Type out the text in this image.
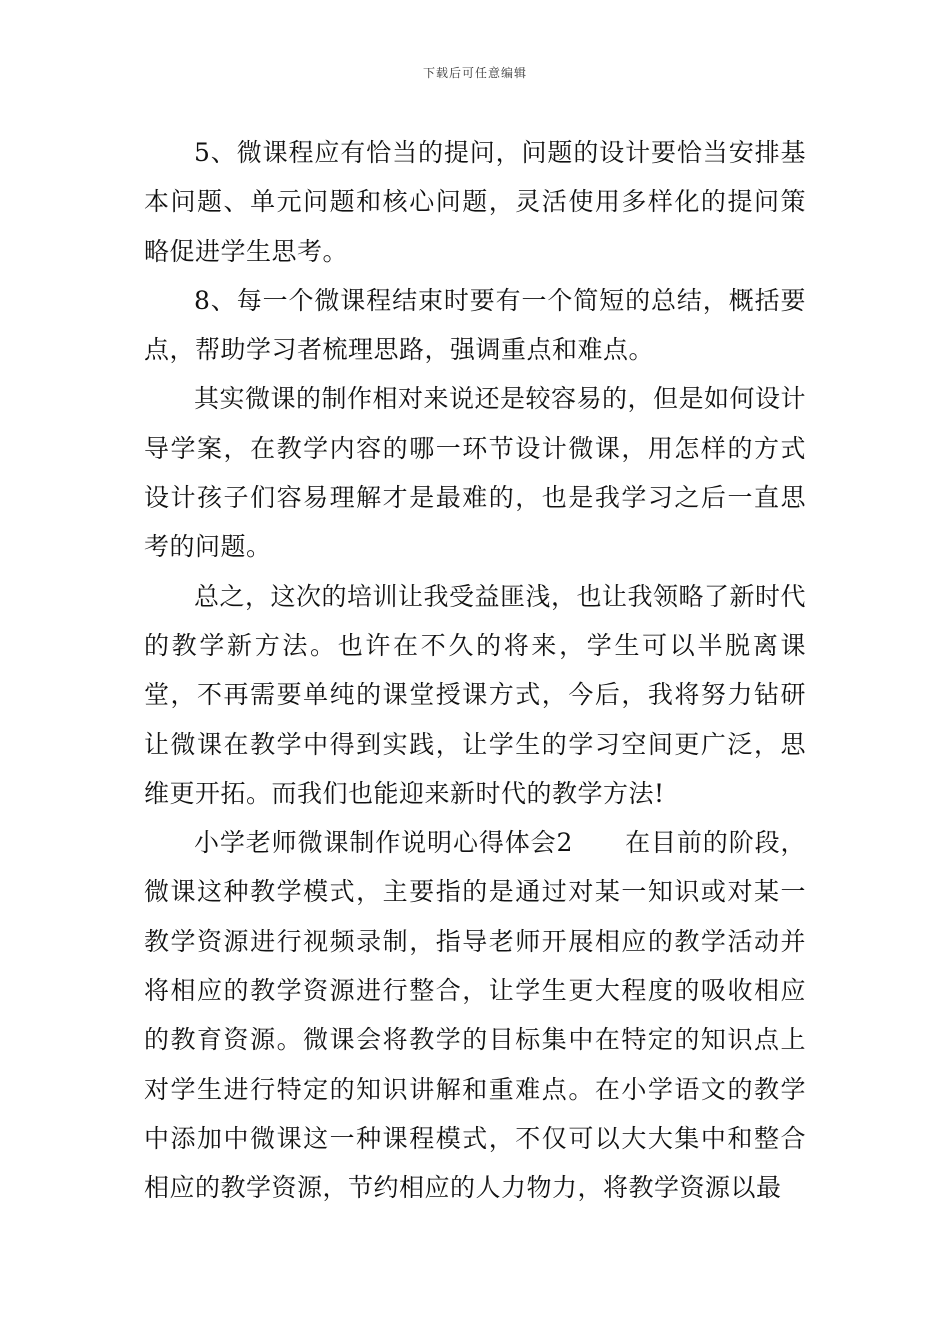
下载后可任意编辑

5、微课程应有恰当的提问，问题的设计要恰当安排基本问题、单元问题和核心问题，灵活使用多样化的提问策略促进学生思考。

8、每一个微课程结束时要有一个简短的总结，概括要点，帮助学习者梳理思路，强调重点和难点。

其实微课的制作相对来说还是较容易的，但是如何设计导学案，在教学内容的哪一环节设计微课，用怎样的方式设计孩子们容易理解才是最难的，也是我学习之后一直思考的问题。

总之，这次的培训让我受益匪浅，也让我领略了新时代的教学新方法。也许在不久的将来，学生可以半脱离课堂，不再需要单纯的课堂授课方式，今后，我将努力钻研让微课在教学中得到实践，让学生的学习空间更广泛，思维更开拓。而我们也能迎来新时代的教学方法!

小学老师微课制作说明心得体会2　　在目前的阶段，微课这种教学模式，主要指的是通过对某一知识或对某一教学资源进行视频录制，指导老师开展相应的教学活动并将相应的教学资源进行整合，让学生更大程度的吸收相应的教育资源。微课会将教学的目标集中在特定的知识点上对学生进行特定的知识讲解和重难点。在小学语文的教学中添加中微课这一种课程模式，不仅可以大大集中和整合相应的教学资源，节约相应的人力物力，将教学资源以最
